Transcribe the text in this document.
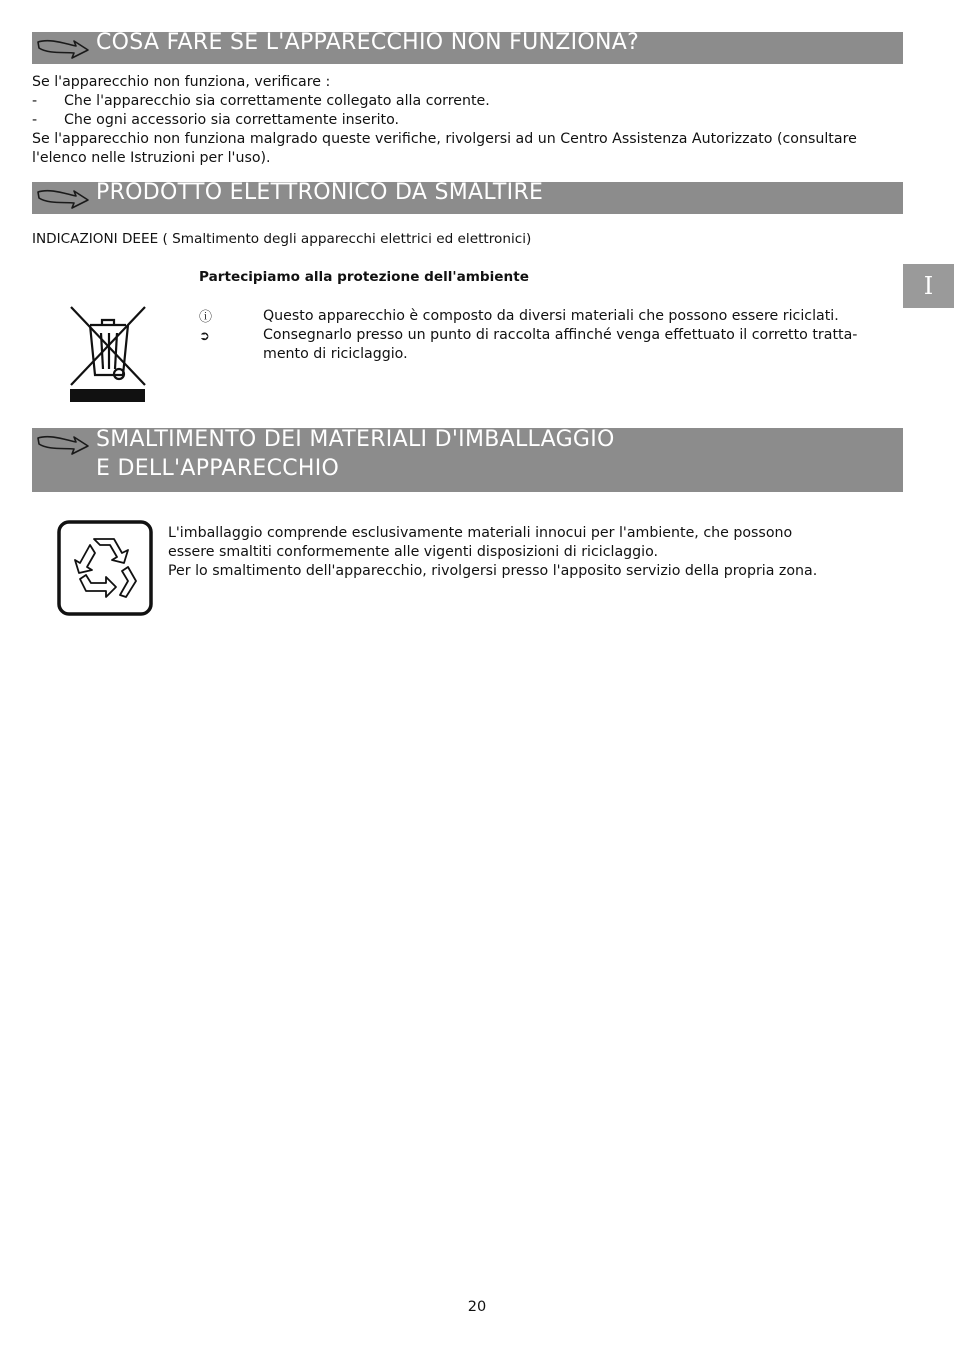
COSA FARE SE L'APPARECCHIO NON FUNZIONA?
Se l'apparecchio non funziona, verificare :
- Che l'apparecchio sia correttamente collegato alla corrente.
- Che ogni accessorio sia correttamente inserito.
Se l'apparecchio non funziona malgrado queste verifiche, rivolgersi ad un Centro Assistenza Autorizzato (consultare
l'elenco nelle Istruzioni per l'uso).
PRODOTTO ELETTRONICO DA SMALTIRE
INDICAZIONI DEEE ( Smaltimento degli apparecchi elettrici ed elettronici)
Partecipiamo alla protezione dell'ambiente
ⓘ	Questo apparecchio è composto da diversi materiali che possono essere riciclati.
➲	Consegnarlo presso un punto di raccolta affinché venga effettuato il corretto tratta-
mento di riciclaggio.
I
SMALTIMENTO DEI MATERIALI D'IMBALLAGGIO
E DELL'APPARECCHIO
L'imballaggio comprende esclusivamente materiali innocui per l'ambiente, che possono
essere smaltiti conformemente alle vigenti disposizioni di riciclaggio.
Per lo smaltimento dell'apparecchio, rivolgersi presso l'apposito servizio della propria zona.
20
